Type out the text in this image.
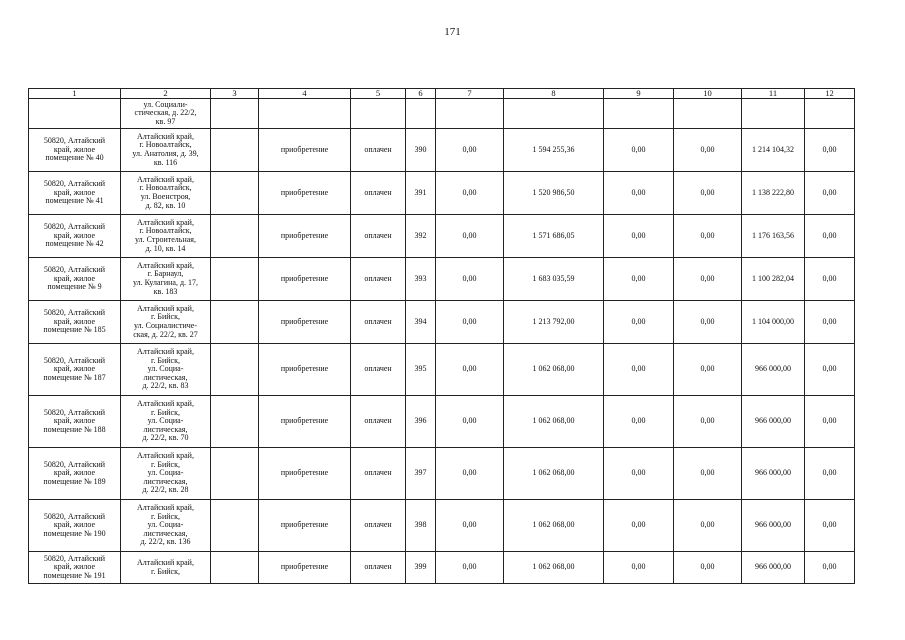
171
1	2	3	4	5	6	7	8	9	10	11	12
	ул. Социали-
стическая, д. 22/2,
кв. 97										
50820, Алтайский
край, жилое
помещение № 40	Алтайский край,
г. Новоалтайск,
ул. Анатолия, д. 39,
кв. 116		приобретение	оплачен	390	0,00	1 594 255,36	0,00	0,00	1 214 104,32	0,00
50820, Алтайский
край, жилое
помещение № 41	Алтайский край,
г. Новоалтайск,
ул. Военстроя,
д. 82, кв. 10		приобретение	оплачен	391	0,00	1 520 986,50	0,00	0,00	1 138 222,80	0,00
50820, Алтайский
край, жилое
помещение № 42	Алтайский край,
г. Новоалтайск,
ул. Строительная,
д. 10, кв. 14		приобретение	оплачен	392	0,00	1 571 686,05	0,00	0,00	1 176 163,56	0,00
50820, Алтайский
край, жилое
помещение № 9	Алтайский край,
г. Барнаул,
ул. Кулагина, д. 17,
кв. 183		приобретение	оплачен	393	0,00	1 683 035,59	0,00	0,00	1 100 282,04	0,00
50820, Алтайский
край, жилое
помещение № 185	Алтайский край,
г. Бийск,
ул. Социалистиче-
ская, д. 22/2, кв. 27		приобретение	оплачен	394	0,00	1 213 792,00	0,00	0,00	1 104 000,00	0,00
50820, Алтайский
край, жилое
помещение № 187	Алтайский край,
г. Бийск,
ул. Социа-
листическая,
д. 22/2, кв. 83		приобретение	оплачен	395	0,00	1 062 068,00	0,00	0,00	966 000,00	0,00
50820, Алтайский
край, жилое
помещение № 188	Алтайский край,
г. Бийск,
ул. Социа-
листическая,
д. 22/2, кв. 70		приобретение	оплачен	396	0,00	1 062 068,00	0,00	0,00	966 000,00	0,00
50820, Алтайский
край, жилое
помещение № 189	Алтайский край,
г. Бийск,
ул. Социа-
листическая,
д. 22/2, кв. 28		приобретение	оплачен	397	0,00	1 062 068,00	0,00	0,00	966 000,00	0,00
50820, Алтайский
край, жилое
помещение № 190	Алтайский край,
г. Бийск,
ул. Социа-
листическая,
д. 22/2, кв. 136		приобретение	оплачен	398	0,00	1 062 068,00	0,00	0,00	966 000,00	0,00
50820, Алтайский
край, жилое
помещение № 191	Алтайский край,
г. Бийск,		приобретение	оплачен	399	0,00	1 062 068,00	0,00	0,00	966 000,00	0,00
